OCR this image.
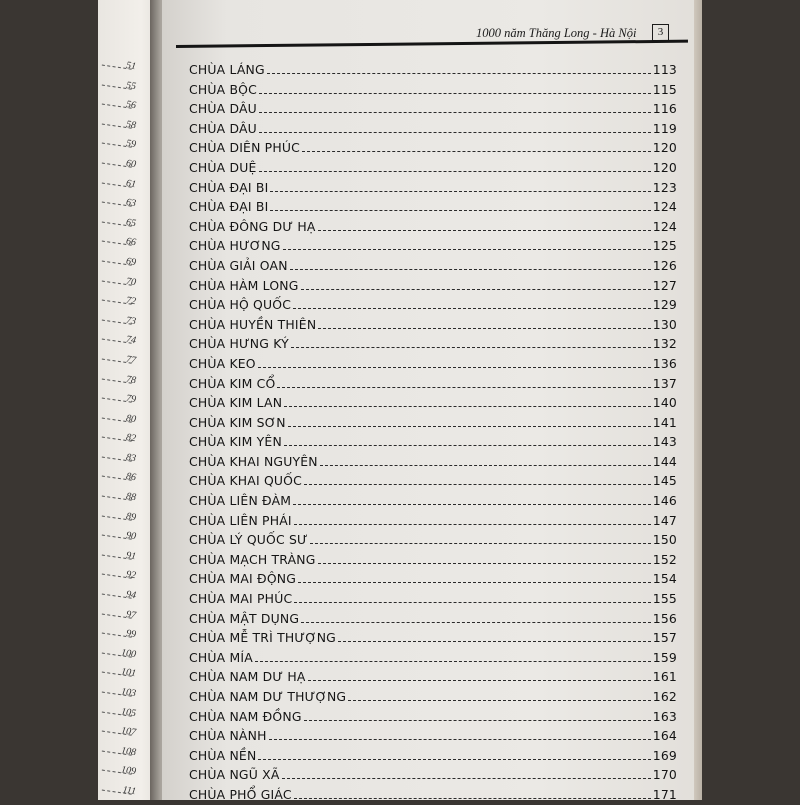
51
55
56
58
59
60
61
63
65
66
69
70
72
73
74
77
78
79
80
82
83
86
88
89
90
91
92
94
97
99
100
101
103
105
107
108
109
111
1000 năm Thăng Long - Hà Nội	3
CHÙA LÁNG	113
CHÙA BỘC	115
CHÙA DÂU	116
CHÙA DÂU	119
CHÙA DIÊN PHÚC	120
CHÙA DUỆ	120
CHÙA ĐẠI BI	123
CHÙA ĐẠI BI	124
CHÙA ĐÔNG DƯ HẠ	124
CHÙA HƯƠNG	125
CHÙA GIẢI OAN	126
CHÙA HÀM LONG	127
CHÙA HỘ QUỐC	129
CHÙA HUYỀN THIÊN	130
CHÙA HƯNG KÝ	132
CHÙA KEO	136
CHÙA KIM CỔ	137
CHÙA KIM LAN	140
CHÙA KIM SƠN	141
CHÙA KIM YÊN	143
CHÙA KHAI NGUYÊN	144
CHÙA KHAI QUỐC	145
CHÙA LIÊN ĐÀM	146
CHÙA LIÊN PHÁI	147
CHÙA LÝ QUỐC SƯ	150
CHÙA MẠCH TRÀNG	152
CHÙA MAI ĐỘNG	154
CHÙA MAI PHÚC	155
CHÙA MẬT DỤNG	156
CHÙA MỄ TRÌ THƯỢNG	157
CHÙA MÍA	159
CHÙA NAM DƯ HẠ	161
CHÙA NAM DƯ THƯỢNG	162
CHÙA NAM ĐỒNG	163
CHÙA NÀNH	164
CHÙA NỀN	169
CHÙA NGŨ XÃ	170
CHÙA PHỔ GIÁC	171
